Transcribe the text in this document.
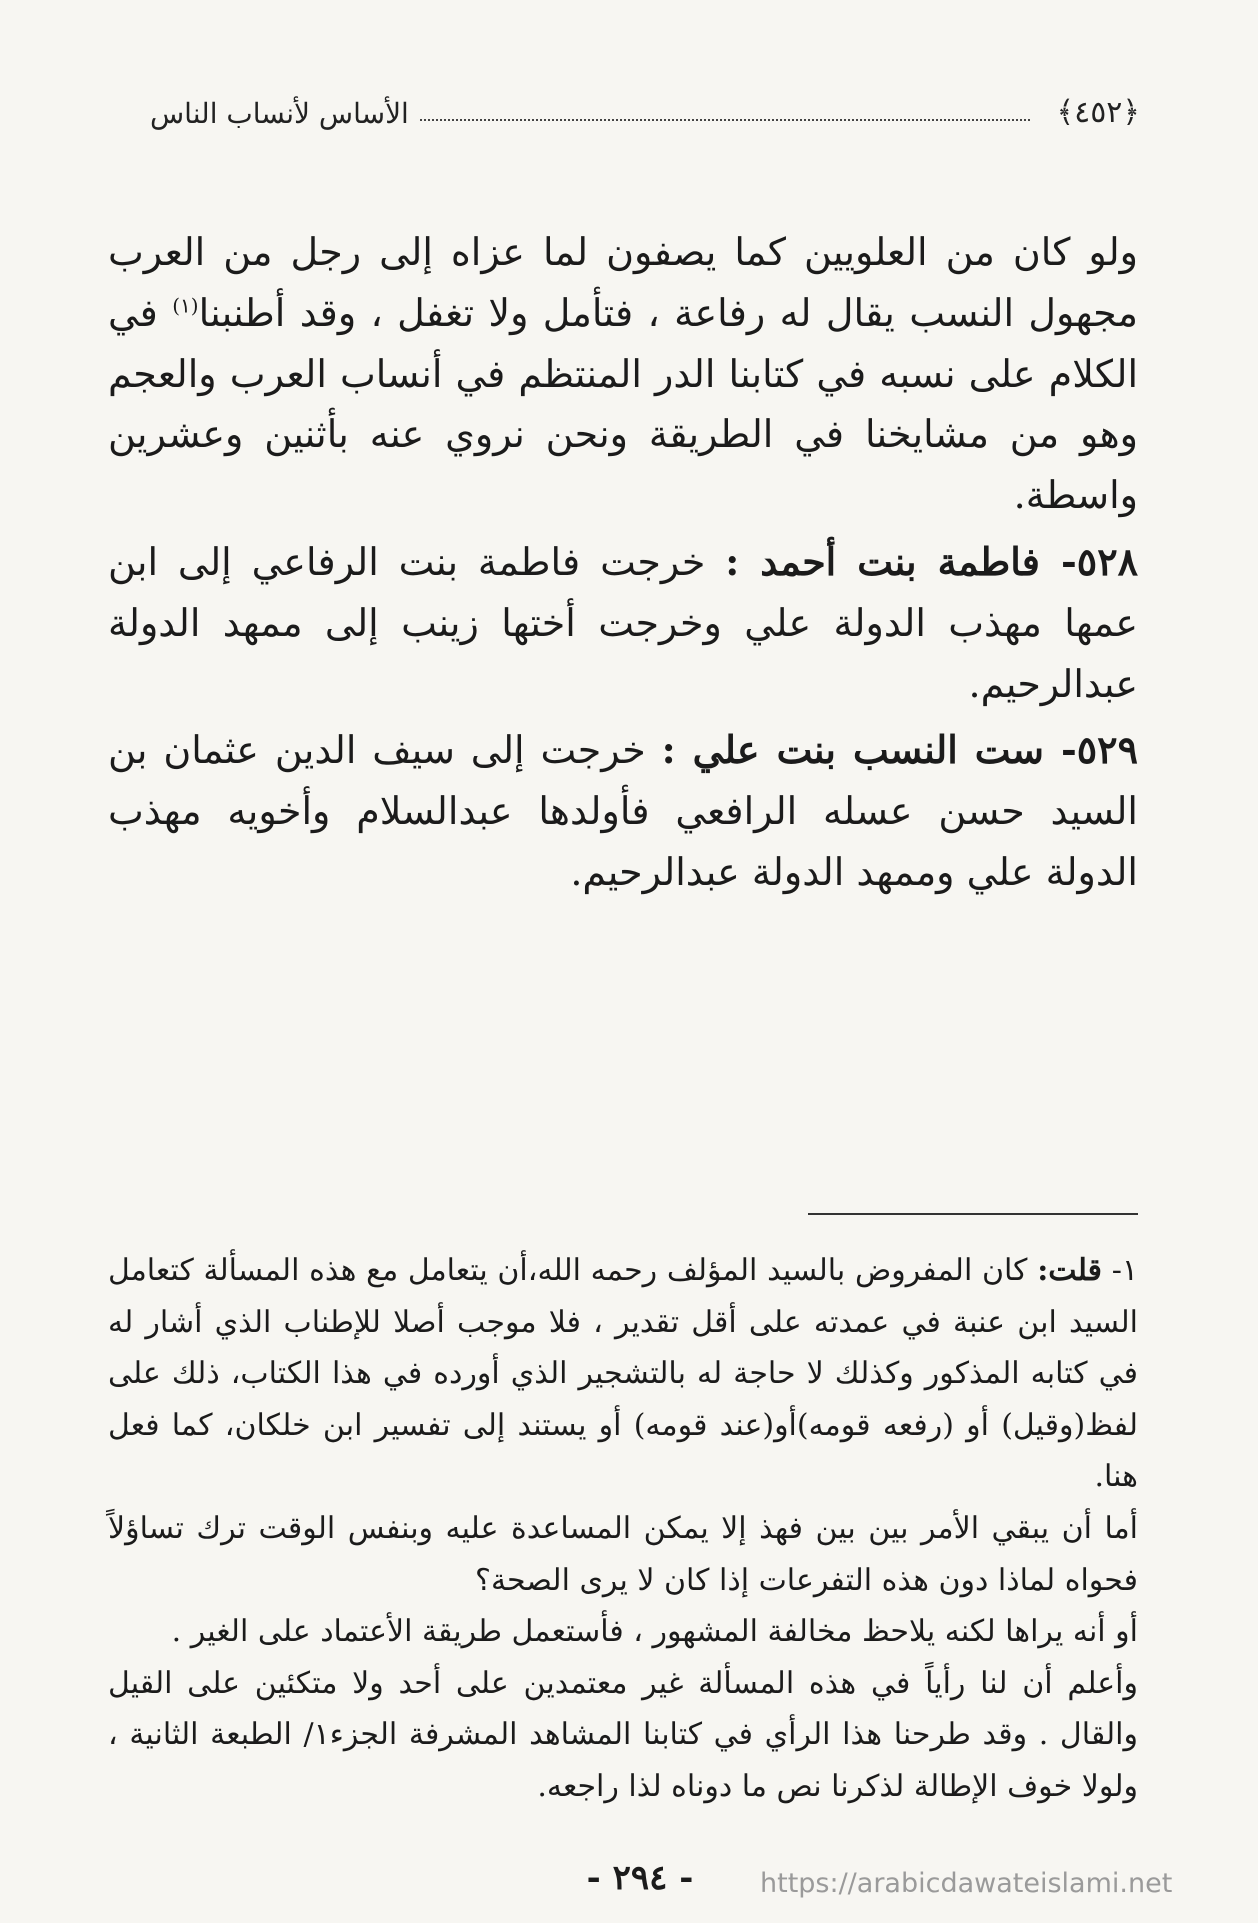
﴿٤٥٢﴾
الأساس لأنساب الناس

ولو كان من العلويين كما يصفون لما عزاه إلى رجل من العرب مجهول النسب يقال له رفاعة ، فتأمل ولا تغفل ، وقد أطنبنا$^{(١)}$ في الكلام على نسبه في كتابنا الدر المنتظم في أنساب العرب والعجم وهو من مشايخنا في الطريقة ونحن نروي عنه بأثنين وعشرين واسطة.

٥٢٨- فاطمة بنت أحمد : خرجت فاطمة بنت الرفاعي إلى ابن عمها مهذب الدولة علي وخرجت أختها زينب إلى ممهد الدولة عبدالرحيم.

٥٢٩- ست النسب بنت علي : خرجت إلى سيف الدين عثمان بن السيد حسن عسله الرافعي فأولدها عبدالسلام وأخويه مهذب الدولة علي وممهد الدولة عبدالرحيم.

١- قلت: كان المفروض بالسيد المؤلف رحمه الله،أن يتعامل مع هذه المسألة كتعامل السيد ابن عنبة في عمدته على أقل تقدير ، فلا موجب أصلا للإطناب الذي أشار له في كتابه المذكور وكذلك لا حاجة له بالتشجير الذي أورده في هذا الكتاب، ذلك على لفظ(وقيل) أو (رفعه قومه)أو(عند قومه) أو يستند إلى تفسير ابن خلكان، كما فعل هنا.

أما أن يبقي الأمر بين بين فهذ إلا يمكن المساعدة عليه وبنفس الوقت ترك تساؤلاً فحواه لماذا دون هذه التفرعات إذا كان لا يرى الصحة؟

أو أنه يراها لكنه يلاحظ مخالفة المشهور ، فأستعمل طريقة الأعتماد على الغير .

وأعلم أن لنا رأياً في هذه المسألة غير معتمدين على أحد ولا متكئين على القيل والقال . وقد طرحنا هذا الرأي في كتابنا المشاهد المشرفة الجزء١/ الطبعة الثانية ، ولولا خوف الإطالة لذكرنا نص ما دوناه لذا راجعه.

- ٢٩٤ -	https://arabicdawateislami.net
